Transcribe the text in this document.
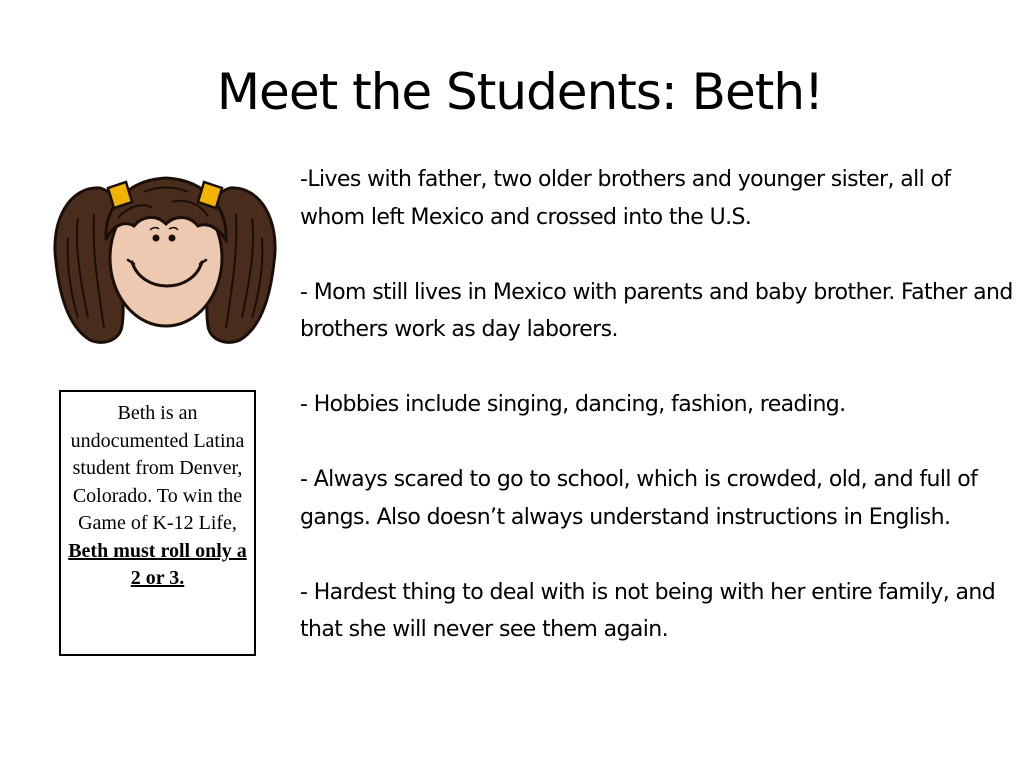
Meet the Students: Beth!
Beth is an undocumented Latina student from Denver, Colorado. To win the Game of K-12 Life, Beth must roll only a 2 or 3.
-Lives with father, two older brothers and younger sister, all of whom left Mexico and crossed into the U.S.
- Mom still lives in Mexico with parents and baby brother. Father and brothers work as day laborers.
- Hobbies include singing, dancing, fashion, reading.
- Always scared to go to school, which is crowded, old, and full of gangs. Also doesn’t always understand instructions in English.
- Hardest thing to deal with is not being with her entire family, and that she will never see them again.
